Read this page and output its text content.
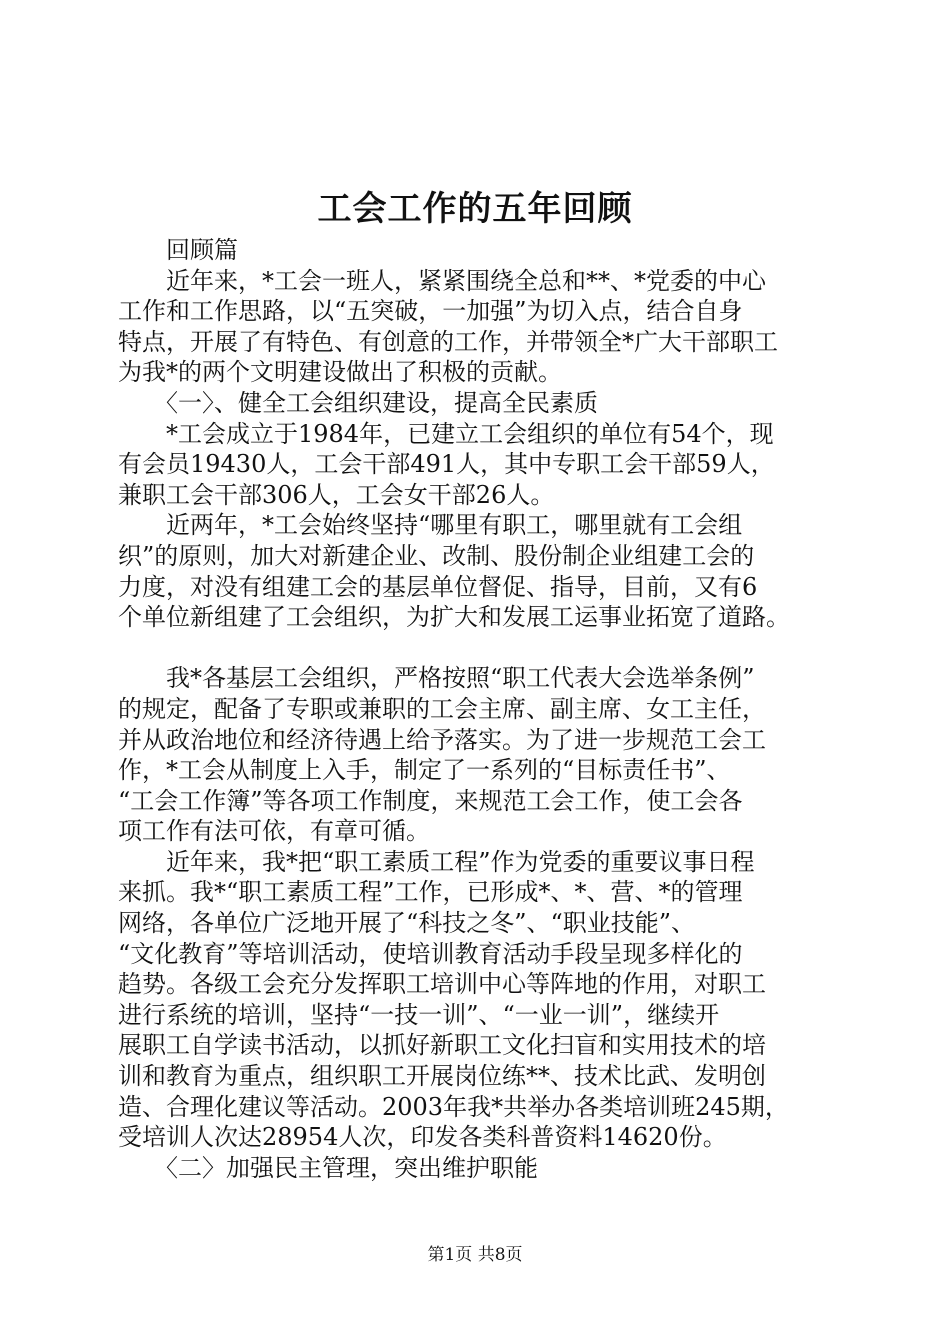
工会工作的五年回顾
　　回顾篇
　　近年来，*工会一班人，紧紧围绕全总和**、*党委的中心
工作和工作思路，以“五突破，一加强”为切入点，结合自身
特点，开展了有特色、有创意的工作，并带领全*广大干部职工
为我*的两个文明建设做出了积极的贡献。
　　〈一〉、健全工会组织建设，提高全民素质
　　*工会成立于1984年，已建立工会组织的单位有54个，现
有会员19430人，工会干部491人，其中专职工会干部59人，
兼职工会干部306人，工会女干部26人。
　　近两年，*工会始终坚持“哪里有职工，哪里就有工会组
织”的原则，加大对新建企业、改制、股份制企业组建工会的
力度，对没有组建工会的基层单位督促、指导，目前，又有6
个单位新组建了工会组织，为扩大和发展工运事业拓宽了道路。
　　我*各基层工会组织，严格按照“职工代表大会选举条例”
的规定，配备了专职或兼职的工会主席、副主席、女工主任，
并从政治地位和经济待遇上给予落实。为了进一步规范工会工
作，*工会从制度上入手，制定了一系列的“目标责任书”、
“工会工作簿”等各项工作制度，来规范工会工作，使工会各
项工作有法可依，有章可循。
　　近年来，我*把“职工素质工程”作为党委的重要议事日程
来抓。我*“职工素质工程”工作，已形成*、*、营、*的管理
网络，各单位广泛地开展了“科技之冬”、“职业技能”、
“文化教育”等培训活动，使培训教育活动手段呈现多样化的
趋势。各级工会充分发挥职工培训中心等阵地的作用，对职工
进行系统的培训，坚持“一技一训”、“一业一训”，继续开
展职工自学读书活动，以抓好新职工文化扫盲和实用技术的培
训和教育为重点，组织职工开展岗位练**、技术比武、发明创
造、合理化建议等活动。2003年我*共举办各类培训班245期，
受培训人次达28954人次，印发各类科普资料14620份。
　　〈二〉加强民主管理，突出维护职能
第1页 共8页
